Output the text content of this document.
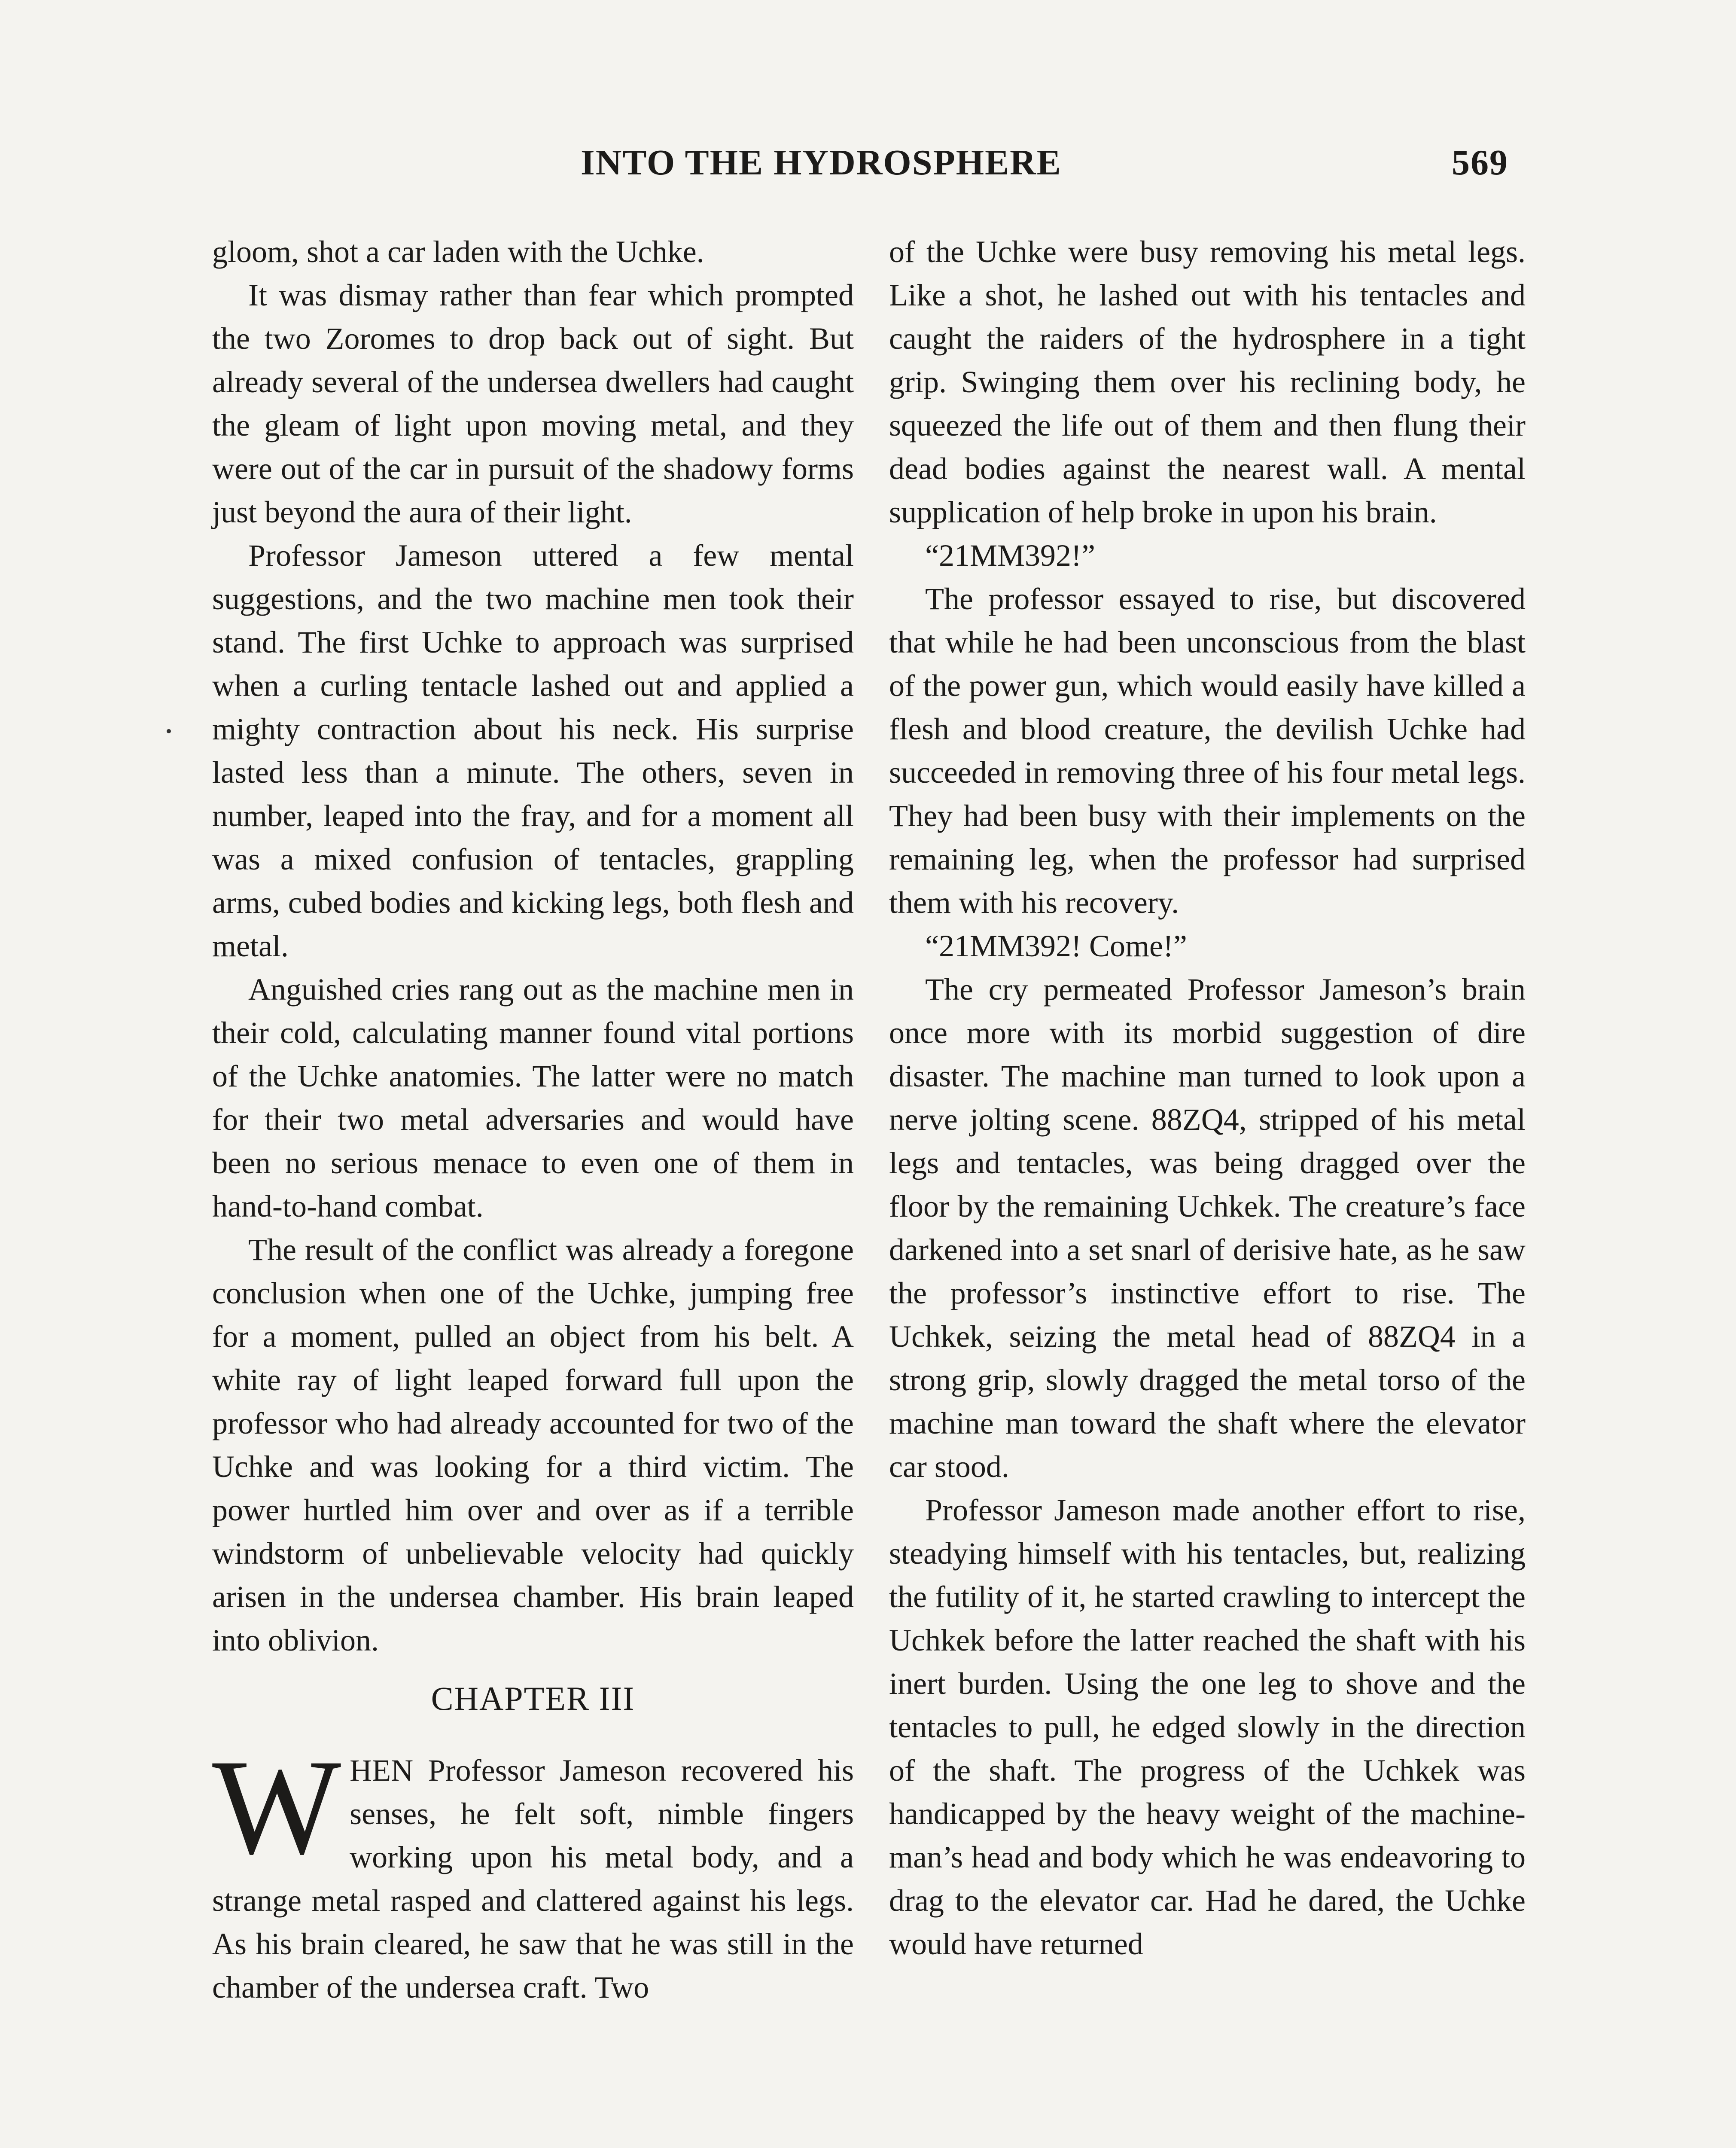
INTO THE HYDROSPHERE	569

gloom, shot a car laden with the Uchke.

It was dismay rather than fear which prompted the two Zoromes to drop back out of sight. But already several of the undersea dwellers had caught the gleam of light upon moving metal, and they were out of the car in pursuit of the shadowy forms just beyond the aura of their light.

Professor Jameson uttered a few mental suggestions, and the two machine men took their stand. The first Uchke to approach was surprised when a curling tentacle lashed out and applied a mighty contraction about his neck. His surprise lasted less than a minute. The others, seven in number, leaped into the fray, and for a moment all was a mixed confusion of tentacles, grappling arms, cubed bodies and kicking legs, both flesh and metal.

Anguished cries rang out as the machine men in their cold, calculating manner found vital portions of the Uchke anatomies. The latter were no match for their two metal adversaries and would have been no serious menace to even one of them in hand-to-hand combat.

The result of the conflict was already a foregone conclusion when one of the Uchke, jumping free for a moment, pulled an object from his belt. A white ray of light leaped forward full upon the professor who had already accounted for two of the Uchke and was looking for a third victim. The power hurtled him over and over as if a terrible windstorm of unbelievable velocity had quickly arisen in the undersea chamber. His brain leaped into oblivion.

CHAPTER III

WHEN Professor Jameson recovered his senses, he felt soft, nimble fingers working upon his metal body, and a strange metal rasped and clattered against his legs. As his brain cleared, he saw that he was still in the chamber of the undersea craft. Two

of the Uchke were busy removing his metal legs. Like a shot, he lashed out with his tentacles and caught the raiders of the hydrosphere in a tight grip. Swinging them over his reclining body, he squeezed the life out of them and then flung their dead bodies against the nearest wall. A mental supplication of help broke in upon his brain.

“21MM392!”

The professor essayed to rise, but discovered that while he had been unconscious from the blast of the power gun, which would easily have killed a flesh and blood creature, the devilish Uchke had succeeded in removing three of his four metal legs. They had been busy with their implements on the remaining leg, when the professor had surprised them with his recovery.

“21MM392! Come!”

The cry permeated Professor Jameson’s brain once more with its morbid suggestion of dire disaster. The machine man turned to look upon a nerve jolting scene. 88ZQ4, stripped of his metal legs and tentacles, was being dragged over the floor by the remaining Uchkek. The creature’s face darkened into a set snarl of derisive hate, as he saw the professor’s instinctive effort to rise. The Uchkek, seizing the metal head of 88ZQ4 in a strong grip, slowly dragged the metal torso of the machine man toward the shaft where the elevator car stood.

Professor Jameson made another effort to rise, steadying himself with his tentacles, but, realizing the futility of it, he started crawling to intercept the Uchkek before the latter reached the shaft with his inert burden. Using the one leg to shove and the tentacles to pull, he edged slowly in the direction of the shaft. The progress of the Uchkek was handicapped by the heavy weight of the machine-man’s head and body which he was endeavoring to drag to the elevator car. Had he dared, the Uchke would have returned
